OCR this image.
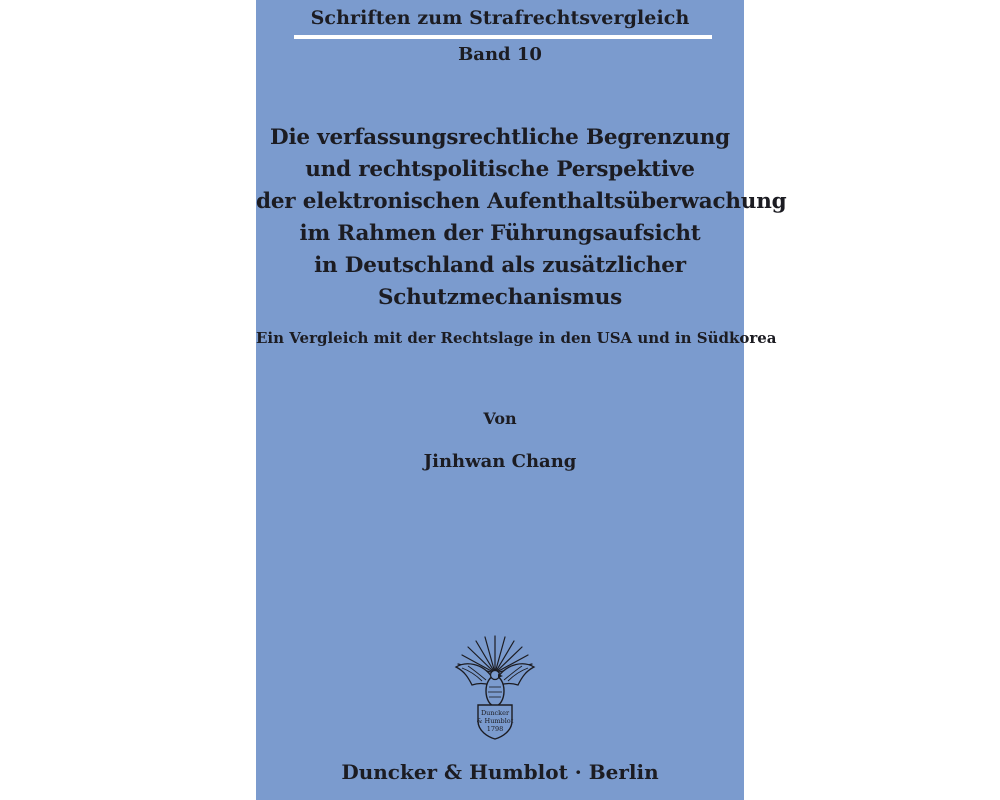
Schriften zum Strafrechtsvergleich
Band 10
Die verfassungsrechtliche Begrenzung
und rechtspolitische Perspektive
der elektronischen Aufenthaltsüberwachung
im Rahmen der Führungsaufsicht
in Deutschland als zusätzlicher
Schutzmechanismus
Ein Vergleich mit der Rechtslage in den USA und in Südkorea
Von
Jinhwan Chang
Duncker
& Humblot
1798
Duncker & Humblot · Berlin
